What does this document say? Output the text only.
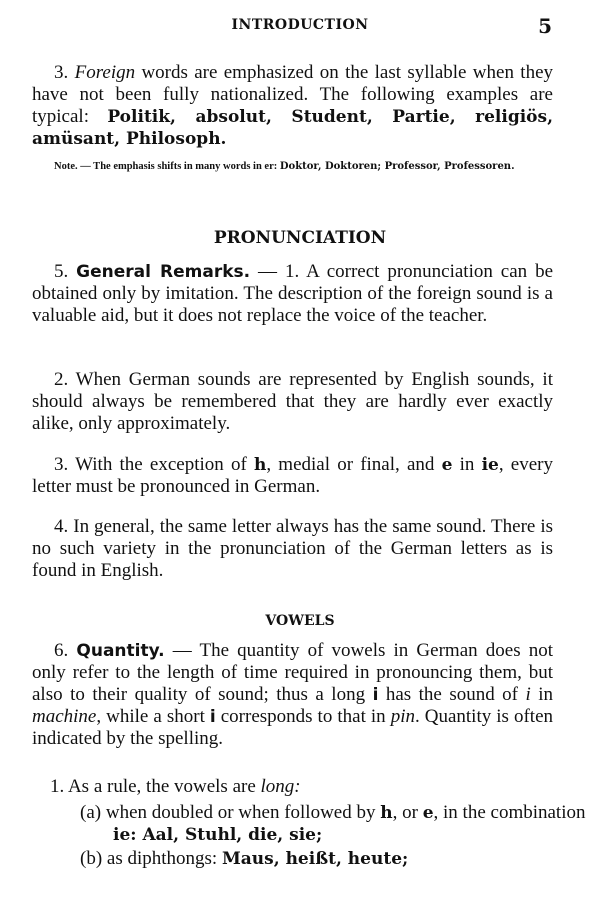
INTRODUCTION	5
3. Foreign words are emphasized on the last syllable when they have not been fully nationalized. The following examples are typical: Politik, absolut, Student, Partie, religiös, amüsant, Philosoph.
Note. — The emphasis shifts in many words in er: Doktor, Doktoren; Professor, Professoren.
PRONUNCIATION
5. General Remarks. — 1. A correct pronunciation can be obtained only by imitation. The description of the foreign sound is a valuable aid, but it does not replace the voice of the teacher.
2. When German sounds are represented by English sounds, it should always be remembered that they are hardly ever exactly alike, only approximately.
3. With the exception of h, medial or final, and e in ie, every letter must be pronounced in German.
4. In general, the same letter always has the same sound. There is no such variety in the pronunciation of the German letters as is found in English.
VOWELS
6. Quantity. — The quantity of vowels in German does not only refer to the length of time required in pronouncing them, but also to their quality of sound; thus a long i has the sound of i in machine, while a short i corresponds to that in pin. Quantity is often indicated by the spelling.
1. As a rule, the vowels are long:
(a) when doubled or when followed by h, or e, in the combination ie: Aal, Stuhl, die, sie;
(b) as diphthongs: Maus, heißt, heute;
